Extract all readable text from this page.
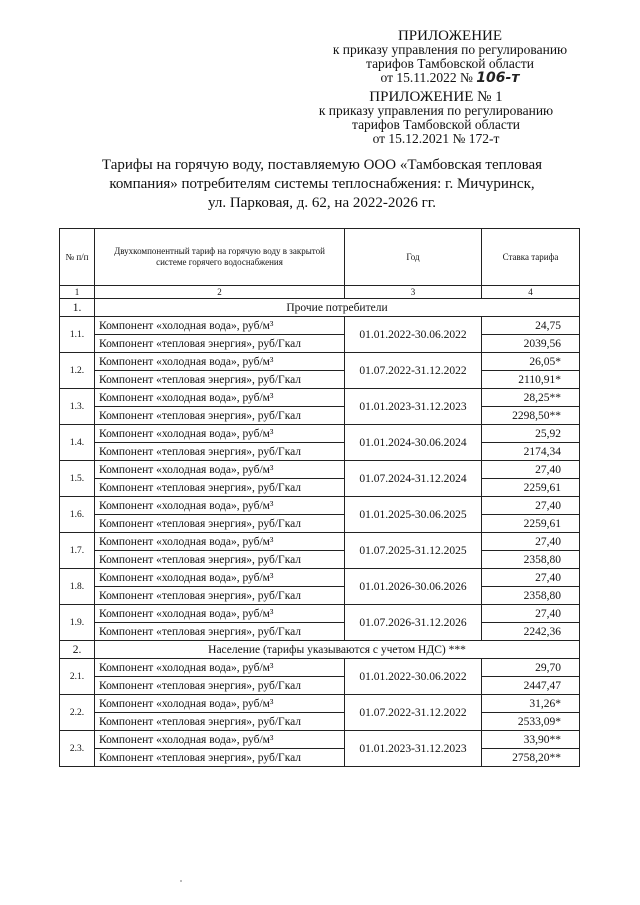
ПРИЛОЖЕНИЕ
к приказу управления по регулированию
тарифов Тамбовской области
от 15.11.2022 № 106-т
ПРИЛОЖЕНИЕ № 1
к приказу управления по регулированию
тарифов Тамбовской области
от 15.12.2021 № 172-т
Тарифы на горячую воду, поставляемую ООО «Тамбовская тепловая
компания» потребителям системы теплоснабжения: г. Мичуринск,
ул. Парковая, д. 62, на 2022-2026 гг.
№ п/п	Двухкомпонентный тариф на горячую воду в закрытой системе горячего водоснабжения	Год	Ставка тарифа
1	2	3	4
1.	Прочие потребители		
1.1.	Компонент «холодная вода», руб/м³	01.01.2022-30.06.2022	24,75
	Компонент «тепловая энергия», руб/Гкал		2039,56
1.2.	Компонент «холодная вода», руб/м³	01.07.2022-31.12.2022	26,05*
	Компонент «тепловая энергия», руб/Гкал		2110,91*
1.3.	Компонент «холодная вода», руб/м³	01.01.2023-31.12.2023	28,25**
	Компонент «тепловая энергия», руб/Гкал		2298,50**
1.4.	Компонент «холодная вода», руб/м³	01.01.2024-30.06.2024	25,92
	Компонент «тепловая энергия», руб/Гкал		2174,34
1.5.	Компонент «холодная вода», руб/м³	01.07.2024-31.12.2024	27,40
	Компонент «тепловая энергия», руб/Гкал		2259,61
1.6.	Компонент «холодная вода», руб/м³	01.01.2025-30.06.2025	27,40
	Компонент «тепловая энергия», руб/Гкал		2259,61
1.7.	Компонент «холодная вода», руб/м³	01.07.2025-31.12.2025	27,40
	Компонент «тепловая энергия», руб/Гкал		2358,80
1.8.	Компонент «холодная вода», руб/м³	01.01.2026-30.06.2026	27,40
	Компонент «тепловая энергия», руб/Гкал		2358,80
1.9.	Компонент «холодная вода», руб/м³	01.07.2026-31.12.2026	27,40
	Компонент «тепловая энергия», руб/Гкал		2242,36
2.	Население (тарифы указываются с учетом НДС) ***		
2.1.	Компонент «холодная вода», руб/м³	01.01.2022-30.06.2022	29,70
	Компонент «тепловая энергия», руб/Гкал		2447,47
2.2.	Компонент «холодная вода», руб/м³	01.07.2022-31.12.2022	31,26*
	Компонент «тепловая энергия», руб/Гкал		2533,09*
2.3.	Компонент «холодная вода», руб/м³	01.01.2023-31.12.2023	33,90**
	Компонент «тепловая энергия», руб/Гкал		2758,20**
